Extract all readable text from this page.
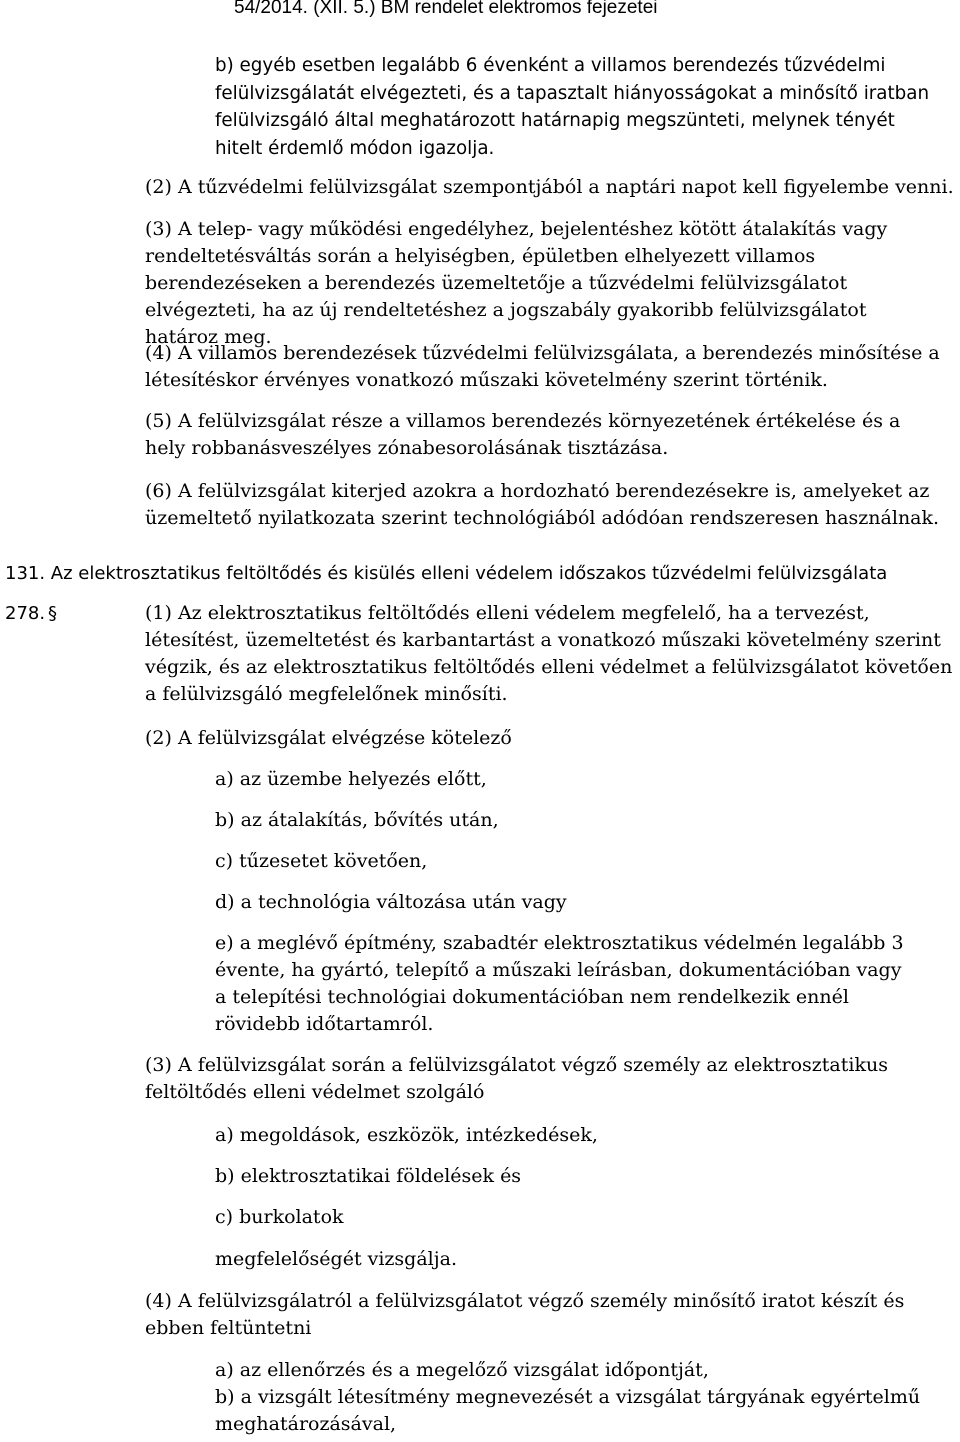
54/2014. (XII. 5.) BM rendelet elektromos fejezetei
b) egyéb esetben legalább 6 évenként a villamos berendezés tűzvédelmi felülvizsgálatát elvégezteti, és a tapasztalt hiányosságokat a minősítő iratban felülvizsgáló által meghatározott határnapig megszünteti, melynek tényét hitelt érdemlő módon igazolja.
(2) A tűzvédelmi felülvizsgálat szempontjából a naptári napot kell figyelembe venni.
(3) A telep- vagy működési engedélyhez, bejelentéshez kötött átalakítás vagy rendeltetésváltás során a helyiségben, épületben elhelyezett villamos berendezéseken a berendezés üzemeltetője a tűzvédelmi felülvizsgálatot elvégezteti, ha az új rendeltetéshez a jogszabály gyakoribb felülvizsgálatot határoz meg.
(4) A villamos berendezések tűzvédelmi felülvizsgálata, a berendezés minősítése a létesítéskor érvényes vonatkozó műszaki követelmény szerint történik.
(5) A felülvizsgálat része a villamos berendezés környezetének értékelése és a hely robbanásveszélyes zónabesorolásának tisztázása.
(6) A felülvizsgálat kiterjed azokra a hordozható berendezésekre is, amelyeket az üzemeltető nyilatkozata szerint technológiából adódóan rendszeresen használnak.
131. Az elektrosztatikus feltöltődés és kisülés elleni védelem időszakos tűzvédelmi felülvizsgálata
278. §	(1) Az elektrosztatikus feltöltődés elleni védelem megfelelő, ha a tervezést, létesítést, üzemeltetést és karbantartást a vonatkozó műszaki követelmény szerint végzik, és az elektrosztatikus feltöltődés elleni védelmet a felülvizsgálatot követően a felülvizsgáló megfelelőnek minősíti.
(2) A felülvizsgálat elvégzése kötelező
a) az üzembe helyezés előtt,
b) az átalakítás, bővítés után,
c) tűzesetet követően,
d) a technológia változása után vagy
e) a meglévő építmény, szabadtér elektrosztatikus védelmén legalább 3 évente, ha gyártó, telepítő a műszaki leírásban, dokumentációban vagy a telepítési technológiai dokumentációban nem rendelkezik ennél rövidebb időtartamról.
(3) A felülvizsgálat során a felülvizsgálatot végző személy az elektrosztatikus feltöltődés elleni védelmet szolgáló
a) megoldások, eszközök, intézkedések,
b) elektrosztatikai földelések és
c) burkolatok
megfelelőségét vizsgálja.
(4) A felülvizsgálatról a felülvizsgálatot végző személy minősítő iratot készít és ebben feltüntetni
a) az ellenőrzés és a megelőző vizsgálat időpontját,
b) a vizsgált létesítmény megnevezését a vizsgálat tárgyának egyértelmű meghatározásával,
